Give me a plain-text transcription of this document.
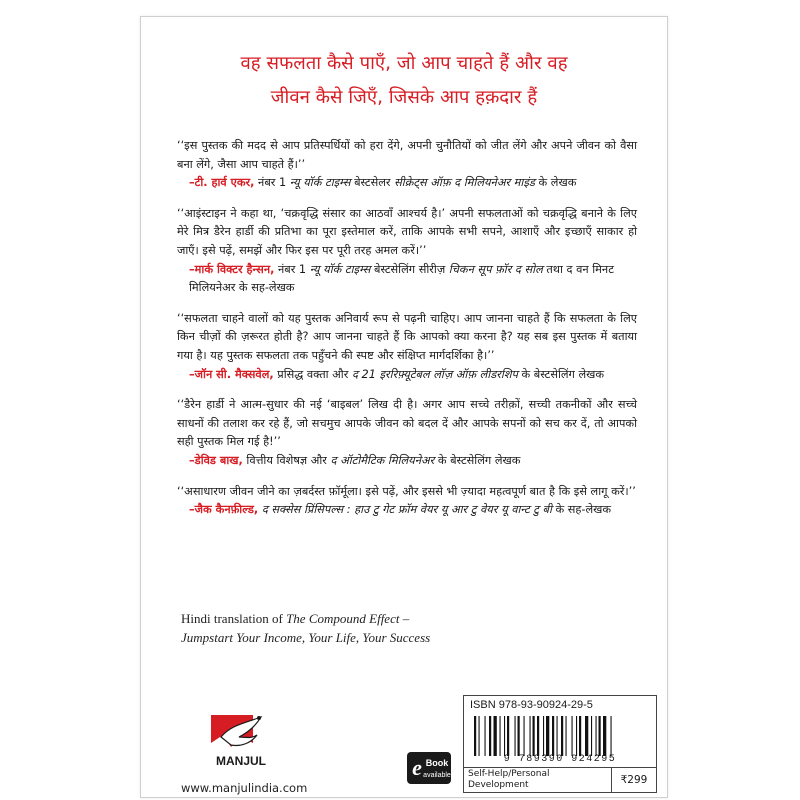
वह सफलता कैसे पाएँ, जो आप चाहते हैं और वह
जीवन कैसे जिएँ, जिसके आप हक़दार हैं
‘‘इस पुस्तक की मदद से आप प्रतिस्पर्धियों को हरा देंगे, अपनी चुनौतियों को जीत लेंगे और अपने जीवन को वैसा बना लेंगे, जैसा आप चाहते हैं।’’
–टी. हार्व एकर, नंबर 1 न्यू यॉर्क टाइम्स बेस्टसेलर सीक्रेट्स ऑफ़ द मिलियनेअर माइंड के लेखक
‘‘आइंस्टाइन ने कहा था, ‘चक्रवृद्धि संसार का आठवाँ आश्चर्य है।’ अपनी सफलताओं को चक्रवृद्धि बनाने के लिए मेरे मित्र डैरेन हार्डी की प्रतिभा का पूरा इस्तेमाल करें, ताकि आपके सभी सपने, आशाएँ और इच्छाएँ साकार हो जाएँ। इसे पढ़ें, समझें और फिर इस पर पूरी तरह अमल करें।’’
–मार्क विक्टर हैन्सन, नंबर 1 न्यू यॉर्क टाइम्स बेस्टसेलिंग सीरीज़ चिकन सूप फ़ॉर द सोल तथा द वन मिनट मिलियनेअर के सह-लेखक
‘‘सफलता चाहने वालों को यह पुस्तक अनिवार्य रूप से पढ़नी चाहिए। आप जानना चाहते हैं कि सफलता के लिए किन चीज़ों की ज़रूरत होती है? आप जानना चाहते हैं कि आपको क्या करना है? यह सब इस पुस्तक में बताया गया है। यह पुस्तक सफलता तक पहुँचने की स्पष्ट और संक्षिप्त मार्गदर्शिका है।’’
–जॉन सी. मैक्सवेल, प्रसिद्ध वक्ता और द 21 इररिफ़्यूटेबल लॉज़ ऑफ़ लीडरशिप के बेस्टसेलिंग लेखक
‘‘डैरेन हार्डी ने आत्म-सुधार की नई ‘बाइबल’ लिख दी है। अगर आप सच्चे तरीक़ों, सच्ची तकनीकों और सच्चे साधनों की तलाश कर रहे हैं, जो सचमुच आपके जीवन को बदल दें और आपके सपनों को सच कर दें, तो आपको सही पुस्तक मिल गई है!’’
–डेविड बाख, वित्तीय विशेषज्ञ और द ऑटोमैटिक मिलियनेअर के बेस्टसेलिंग लेखक
‘‘असाधारण जीवन जीने का ज़बर्दस्त फ़ॉर्मूला। इसे पढ़ें, और इससे भी ज़्यादा महत्वपूर्ण बात है कि इसे लागू करें।’’
–जैक कैनफ़ील्ड, द सक्सेस प्रिंसिपल्स : हाउ टु गेट फ्रॉम वेयर यू आर टु वेयर यू वान्ट टु बी के सह-लेखक
Hindi translation of The Compound Effect –
Jumpstart Your Income, Your Life, Your Success
MANJUL
www.manjulindia.com
e Book
available
ISBN 978-93-90924-29-5
9 789390 924295
Self-Help/Personal Development	₹299
